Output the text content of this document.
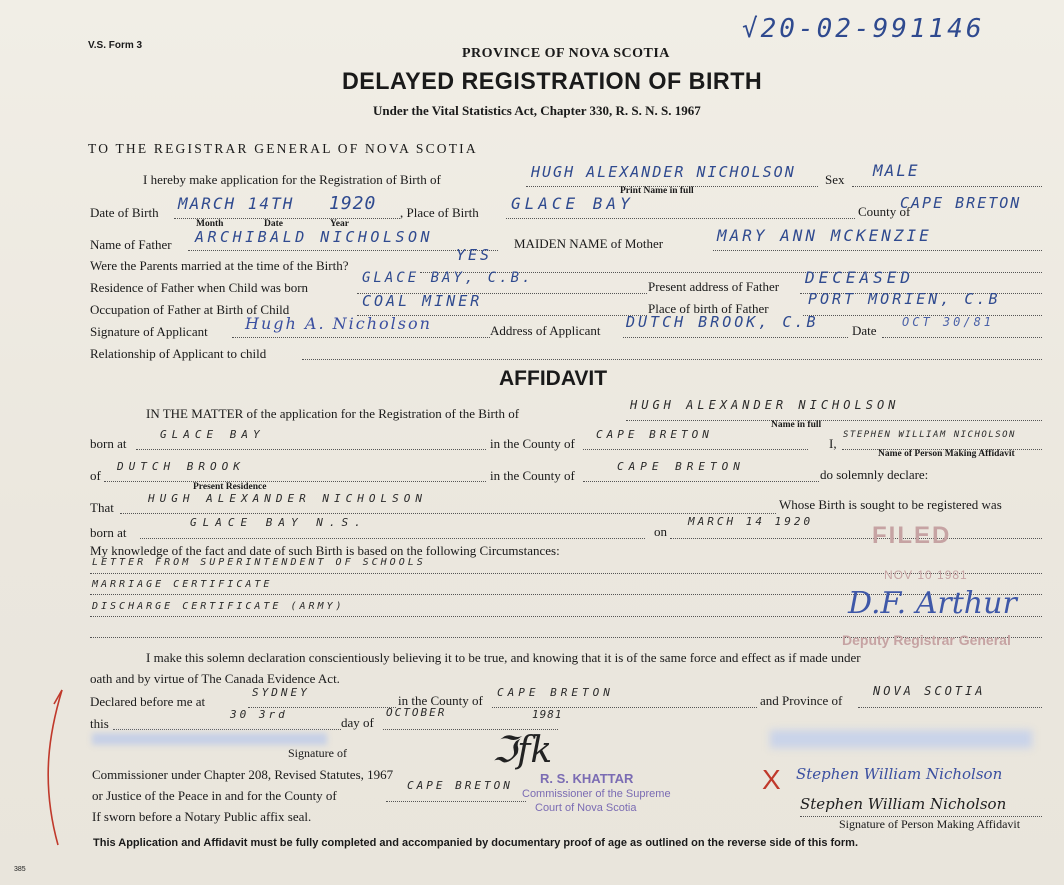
V.S. Form 3
√20-02-991146
PROVINCE OF NOVA SCOTIA
DELAYED REGISTRATION OF BIRTH
Under the Vital Statistics Act, Chapter 330, R. S. N. S. 1967
TO THE REGISTRAR GENERAL OF NOVA SCOTIA
I hereby make application for the Registration of Birth of	HUGH ALEXANDER NICHOLSON
Print Name in full
Sex MALE
Date of Birth MARCH 14TH 1920
Month	Date	Year
, Place of Birth GLACE BAY	County of
CAPE BRETON
Name of Father ARCHIBALD NICHOLSON	MAIDEN NAME of Mother	MARY ANN MCKENZIE
Were the Parents married at the time of the Birth?
YES
Residence of Father when Child was born
GLACE BAY, C.B.
Present address of Father DECEASED
Occupation of Father at Birth of Child	COAL MINER	Place of birth of Father
PORT MORIEN, C.B
Signature of Applicant Hugh A. Nicholson	Address of Applicant DUTCH BROOK, C.B	Date
OCT 30/81
Relationship of Applicant to child
AFFIDAVIT
IN THE MATTER of the application for the Registration of the Birth of
HUGH ALEXANDER NICHOLSON
Name in full
born at
GLACE BAY
in the County of
CAPE BRETON
I,
STEPHEN WILLIAM NICHOLSON
Name of Person Making Affidavit
of
DUTCH BROOK
Present Residence
in the County of
CAPE BRETON
do solemnly declare:
That
HUGH ALEXANDER NICHOLSON	Whose Birth is sought to be registered was
born at
GLACE BAY N.S.
on
MARCH 14 1920
My knowledge of the fact and date of such Birth is based on the following Circumstances:
LETTER FROM SUPERINTENDENT OF SCHOOLS
MARRIAGE CERTIFICATE
DISCHARGE CERTIFICATE (ARMY)
FILED
NOV 10 1981
D.F. Arthur
Deputy Registrar General
I make this solemn declaration conscientiously believing it to be true, and knowing that it is of the same force and effect as if made under
oath and by virtue of The Canada Evidence Act.
Declared before me at
SYDNEY
in the County of
CAPE BRETON
and Province of
NOVA SCOTIA
this
30 3rd
day of
OCTOBER	1981
Signature of
Commissioner under Chapter 208, Revised Statutes, 1967
or Justice of the Peace in and for the County of
CAPE BRETON
If sworn before a Notary Public affix seal.
ℑfk
R. S. KHATTAR
Commissioner of the Supreme
Court of Nova Scotia
X Stephen William Nicholson
Stephen William Nicholson
Signature of Person Making Affidavit
This Application and Affidavit must be fully completed and accompanied by documentary proof of age as outlined on the reverse side of this form.
385
